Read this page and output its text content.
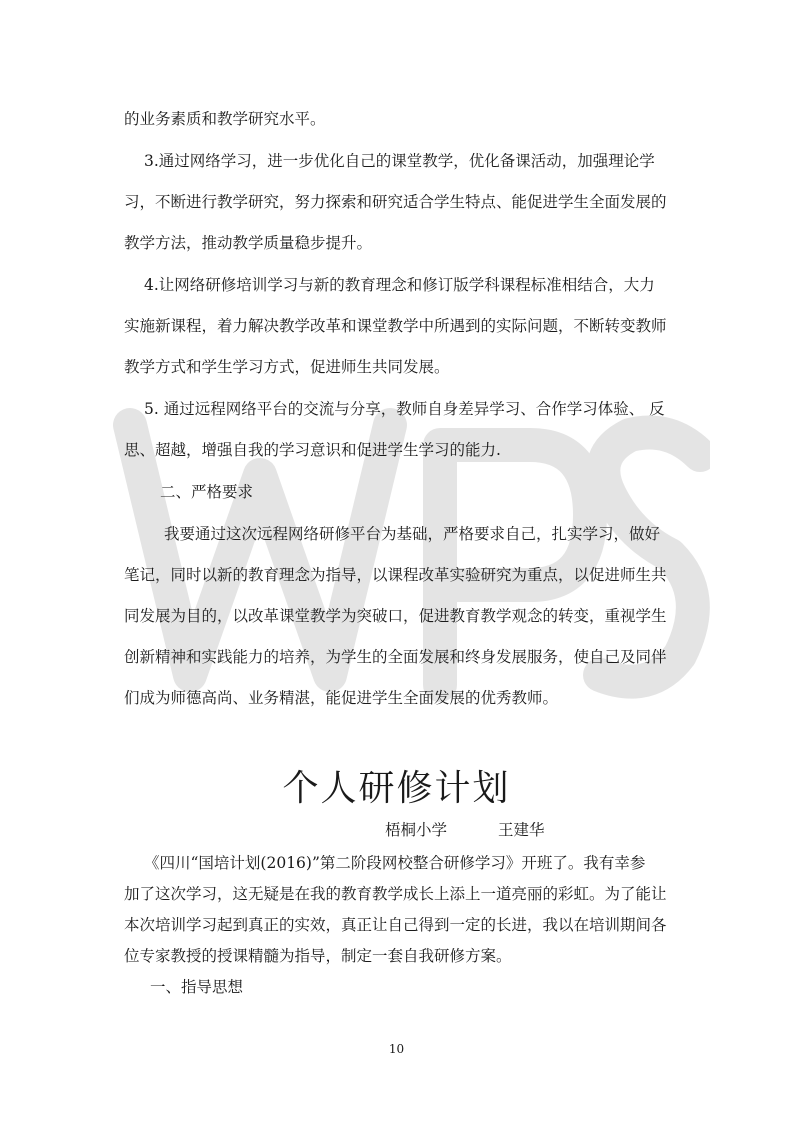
的业务素质和教学研究水平。
3.通过网络学习，进一步优化自己的课堂教学，优化备课活动，加强理论学
习，不断进行教学研究，努力探索和研究适合学生特点、能促进学生全面发展的
教学方法，推动教学质量稳步提升。
4.让网络研修培训学习与新的教育理念和修订版学科课程标准相结合，大力
实施新课程，着力解决教学改革和课堂教学中所遇到的实际问题，不断转变教师
教学方式和学生学习方式，促进师生共同发展。
5. 通过远程网络平台的交流与分享，教师自身差异学习、合作学习体验、 反
思、超越，增强自我的学习意识和促进学生学习的能力.
二、严格要求
我要通过这次远程网络研修平台为基础，严格要求自己，扎实学习，做好
笔记，同时以新的教育理念为指导，以课程改革实验研究为重点，以促进师生共
同发展为目的，以改革课堂教学为突破口，促进教育教学观念的转变，重视学生
创新精神和实践能力的培养，为学生的全面发展和终身发展服务，使自己及同伴
们成为师德高尚、业务精湛，能促进学生全面发展的优秀教师。
个人研修计划
梧桐小学	王建华
《四川“国培计划(2016)”第二阶段网校整合研修学习》开班了。我有幸参
加了这次学习，这无疑是在我的教育教学成长上添上一道亮丽的彩虹。为了能让
本次培训学习起到真正的实效，真正让自己得到一定的长进，我以在培训期间各
位专家教授的授课精髓为指导，制定一套自我研修方案。
一、指导思想
10
